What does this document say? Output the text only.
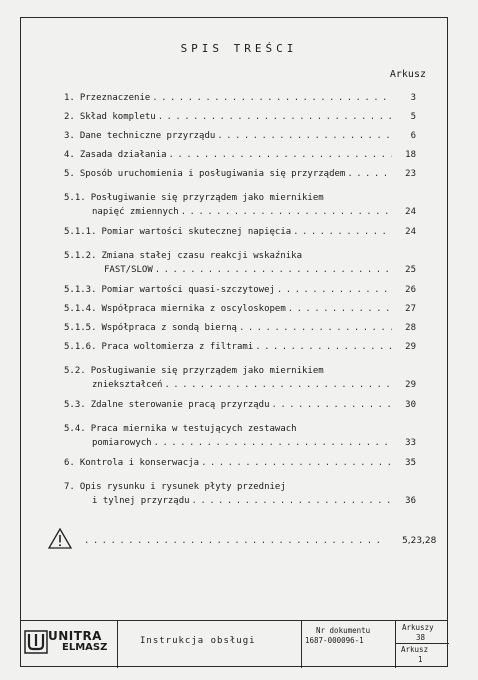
SPIS TREŚCI
Arkusz
1. Przeznaczenie . . .	3
2. Skład kompletu . . .	5
3. Dane techniczne przyrządu . . .	6
4. Zasada działania . . .	18
5. Sposób uruchomienia i posługiwania się przyrządem . . .	23
5.1. Posługiwanie się przyrządem jako miernikiem
napięć zmiennych . . .	24
5.1.1. Pomiar wartości skutecznej napięcia . . .	24
5.1.2. Zmiana stałej czasu reakcji wskaźnika
FAST/SLOW . . .	25
5.1.3. Pomiar wartości quasi-szczytowej . . .	26
5.1.4. Współpraca miernika z oscyloskopem . . .	27
5.1.5. Współpraca z sondą bierną . . .	28
5.1.6. Praca woltomierza z filtrami . . .	29
5.2. Posługiwanie się przyrządem jako miernikiem
zniekształceń . . .	29
5.3. Zdalne sterowanie pracą przyrządu . . .	30
5.4. Praca miernika w testujących zestawach
pomiarowych . . .	33
6. Kontrola i konserwacja . . .	35
7. Opis rysunku i rysunek płyty przedniej
i tylnej przyrządu . . .	36
. . .
5,23,28
UNITRA
ELMASZ
Instrukcja obsługi
Nr dokumentu
1687-000096-1
Arkuszy
38
Arkusz
1
